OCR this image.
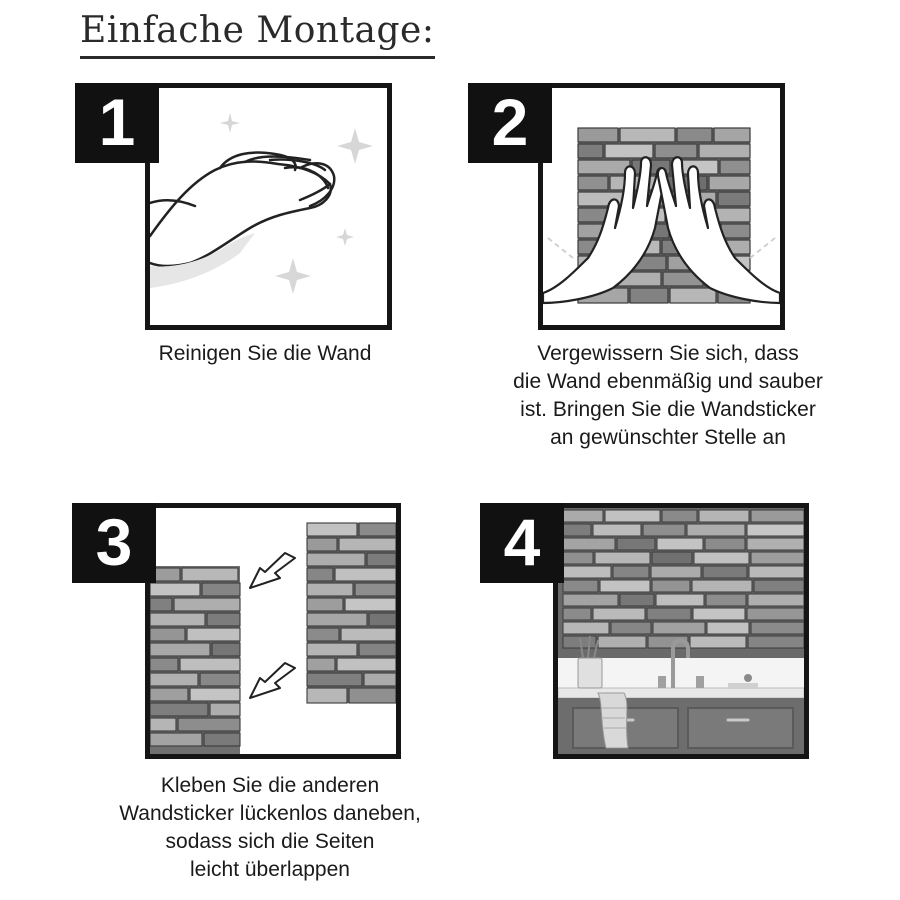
Einfache Montage:
1
Reinigen Sie die Wand
2
Vergewissern Sie sich, dass
die Wand ebenmäßig und sauber
ist. Bringen Sie die Wandsticker
an gewünschter Stelle an
3
Kleben Sie die anderen
Wandsticker lückenlos daneben,
sodass sich die Seiten
leicht überlappen
4
